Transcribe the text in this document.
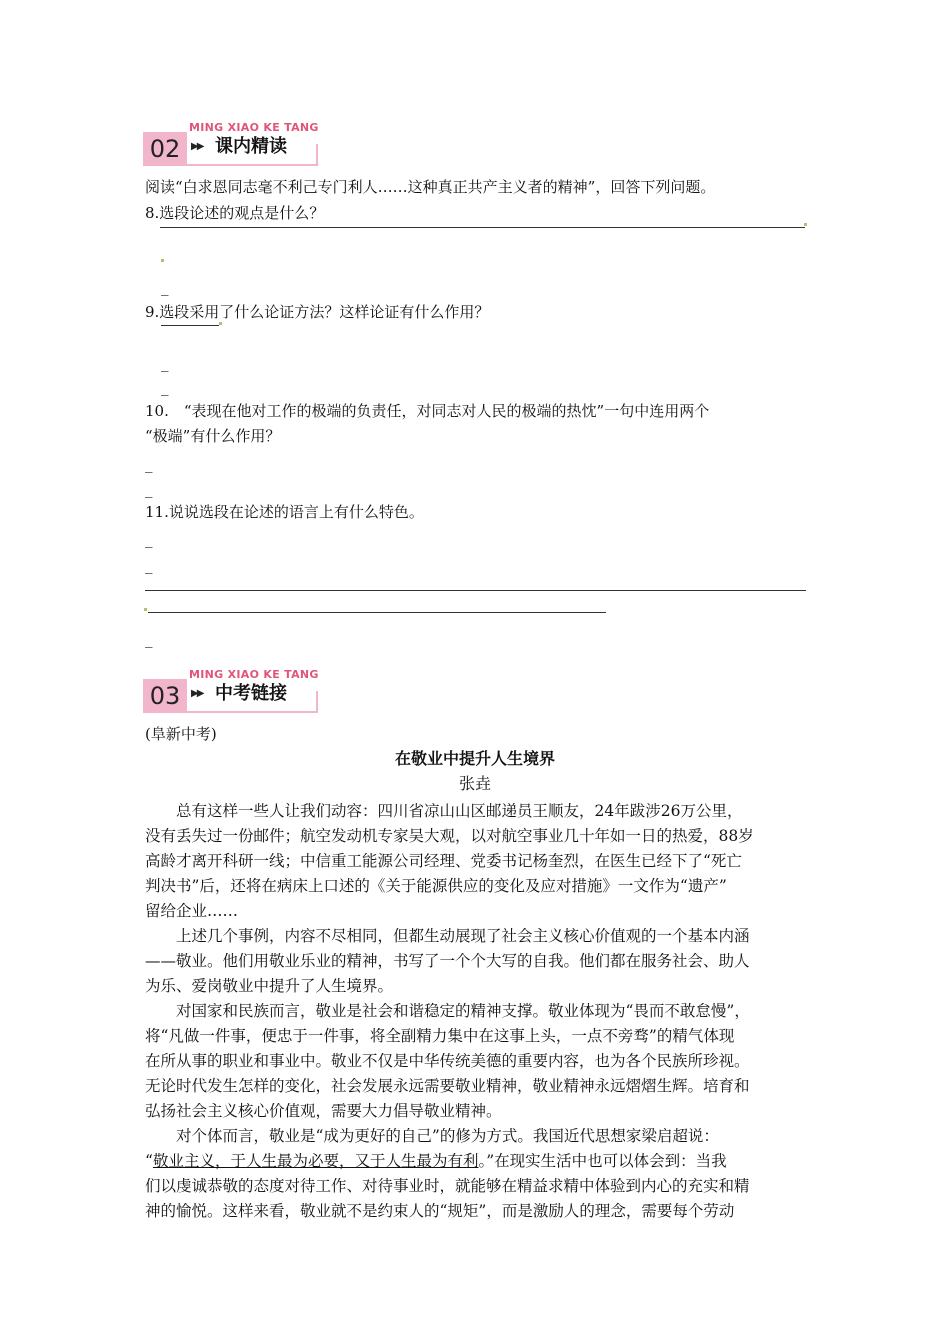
02
MING XIAO KE TANG
▶▶ 课内精读
阅读“白求恩同志毫不利己专门利人……这种真正共产主义者的精神”，回答下列问题。
8.选段论述的观点是什么？
_
9.选段采用了什么论证方法？这样论证有什么作用？
_
_
10.　“表现在他对工作的极端的负责任，对同志对人民的极端的热忱”一句中连用两个
“极端”有什么作用？
_
_
11.说说选段在论述的语言上有什么特色。
_
_
_
03
MING XIAO KE TANG
▶▶ 中考链接
(阜新中考)
在敬业中提升人生境界
张垚
总有这样一些人让我们动容：四川省凉山山区邮递员王顺友，24年跋涉26万公里，
没有丢失过一份邮件；航空发动机专家吴大观，以对航空事业几十年如一日的热爱，88岁
高龄才离开科研一线；中信重工能源公司经理、党委书记杨奎烈，在医生已经下了“死亡
判决书”后，还将在病床上口述的《关于能源供应的变化及应对措施》一文作为“遗产”
留给企业……
上述几个事例，内容不尽相同，但都生动展现了社会主义核心价值观的一个基本内涵
——敬业。他们用敬业乐业的精神，书写了一个个大写的自我。他们都在服务社会、助人
为乐、爱岗敬业中提升了人生境界。
对国家和民族而言，敬业是社会和谐稳定的精神支撑。敬业体现为“畏而不敢怠慢”，
将“凡做一件事，便忠于一件事，将全副精力集中在这事上头，一点不旁骛”的精气体现
在所从事的职业和事业中。敬业不仅是中华传统美德的重要内容，也为各个民族所珍视。
无论时代发生怎样的变化，社会发展永远需要敬业精神，敬业精神永远熠熠生辉。培育和
弘扬社会主义核心价值观，需要大力倡导敬业精神。
对个体而言，敬业是“成为更好的自己”的修为方式。我国近代思想家梁启超说：
“敬业主义，于人生最为必要，又于人生最为有利。”在现实生活中也可以体会到：当我
们以虔诚恭敬的态度对待工作、对待事业时，就能够在精益求精中体验到内心的充实和精
神的愉悦。这样来看，敬业就不是约束人的“规矩”，而是激励人的理念，需要每个劳动
